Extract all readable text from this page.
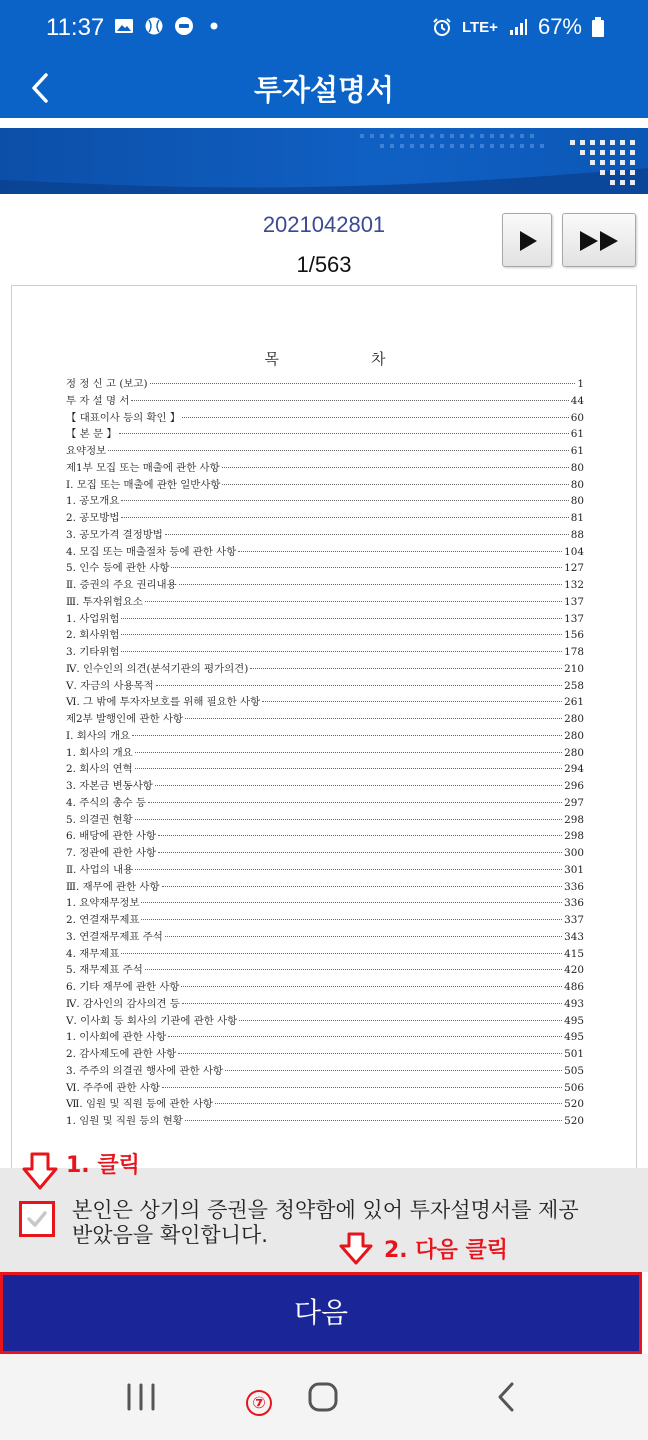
11:37	LTE+ 67%
투자설명서
2021042801
1/563
목	차
정 정 신 고 (보고)	1
투 자 설 명 서	44
【 대표이사 등의 확인 】	60
【 본 문 】	61
요약정보	61
제1부 모집 또는 매출에 관한 사항	80
Ⅰ. 모집 또는 매출에 관한 일반사항	80
1. 공모개요	80
2. 공모방법	81
3. 공모가격 결정방법	88
4. 모집 또는 매출절차 등에 관한 사항	104
5. 인수 등에 관한 사항	127
Ⅱ. 증권의 주요 권리내용	132
Ⅲ. 투자위험요소	137
1. 사업위험	137
2. 회사위험	156
3. 기타위험	178
Ⅳ. 인수인의 의견(분석기관의 평가의견)	210
Ⅴ. 자금의 사용목적	258
Ⅵ. 그 밖에 투자자보호를 위해 필요한 사항	261
제2부 발행인에 관한 사항	280
Ⅰ. 회사의 개요	280
1. 회사의 개요	280
2. 회사의 연혁	294
3. 자본금 변동사항	296
4. 주식의 총수 등	297
5. 의결권 현황	298
6. 배당에 관한 사항	298
7. 정관에 관한 사항	300
Ⅱ. 사업의 내용	301
Ⅲ. 재무에 관한 사항	336
1. 요약재무정보	336
2. 연결재무제표	337
3. 연결재무제표 주석	343
4. 재무제표	415
5. 재무제표 주석	420
6. 기타 재무에 관한 사항	486
Ⅳ. 감사인의 감사의견 등	493
Ⅴ. 이사회 등 회사의 기관에 관한 사항	495
1. 이사회에 관한 사항	495
2. 감사제도에 관한 사항	501
3. 주주의 의결권 행사에 관한 사항	505
Ⅵ. 주주에 관한 사항	506
Ⅶ. 임원 및 직원 등에 관한 사항	520
1. 임원 및 직원 등의 현황	520
1. 클릭
본인은 상기의 증권을 청약함에 있어 투자설명서를 제공받았음을 확인합니다.
2. 다음 클릭
다음
⑦
